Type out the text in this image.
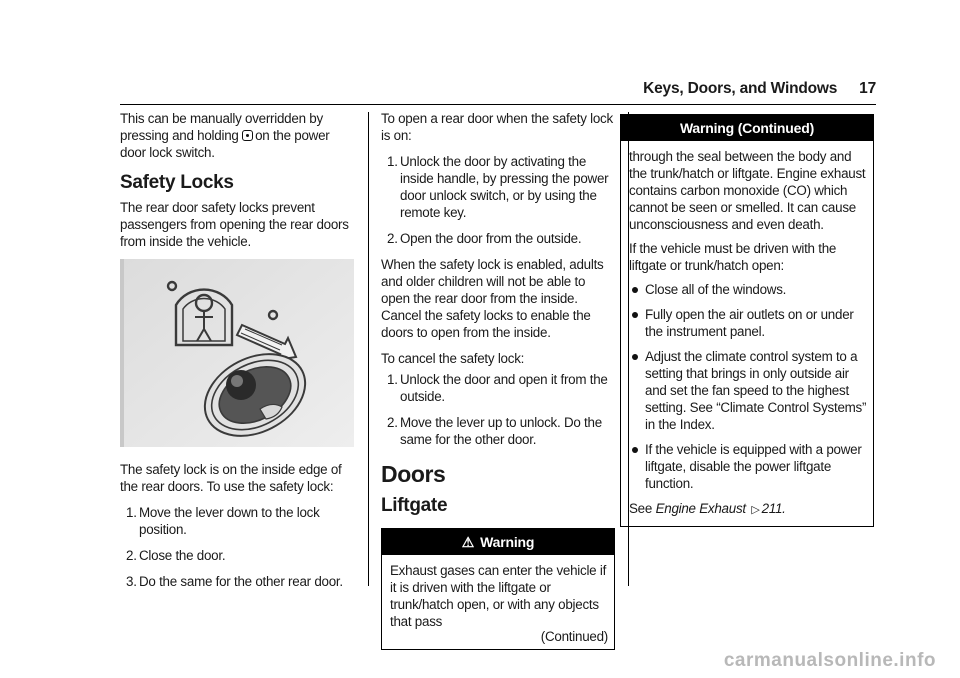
Keys, Doors, and Windows 17

This can be manually overridden by pressing and holding on the power door lock switch.

Safety Locks

The rear door safety locks prevent passengers from opening the rear doors from inside the vehicle.

The safety lock is on the inside edge of the rear doors. To use the safety lock:

1. Move the lever down to the lock position.
2. Close the door.
3. Do the same for the other rear door.

To open a rear door when the safety lock is on:

1. Unlock the door by activating the inside handle, by pressing the power door unlock switch, or by using the remote key.
2. Open the door from the outside.

When the safety lock is enabled, adults and older children will not be able to open the rear door from the inside. Cancel the safety locks to enable the doors to open from the inside.

To cancel the safety lock:

1. Unlock the door and open it from the outside.
2. Move the lever up to unlock. Do the same for the other door.
Doors
Liftgate
⚠ Warning

Exhaust gases can enter the vehicle if it is driven with the liftgate or trunk/hatch open, or with any objects that pass

(Continued)
Warning (Continued)

through the seal between the body and the trunk/hatch or liftgate. Engine exhaust contains carbon monoxide (CO) which cannot be seen or smelled. It can cause unconsciousness and even death.

If the vehicle must be driven with the liftgate or trunk/hatch open:

Close all of the windows.
Fully open the air outlets on or under the instrument panel.
Adjust the climate control system to a setting that brings in only outside air and set the fan speed to the highest setting. See “Climate Control Systems” in the Index.
If the vehicle is equipped with a power liftgate, disable the power liftgate function.

See Engine Exhaust ▷ 211.

carmanualsonline.info
